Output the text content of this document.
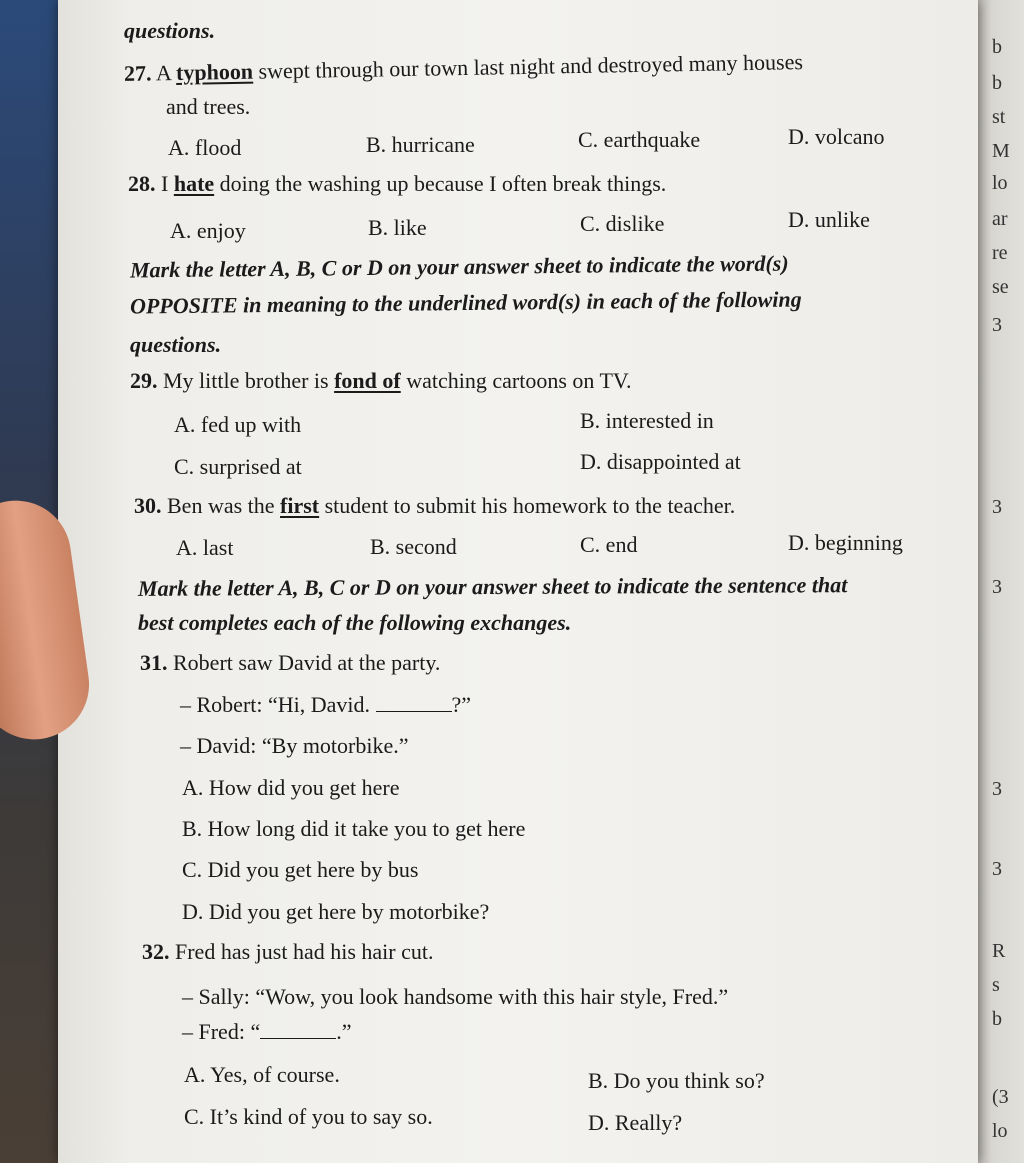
b
b
st
M
lo
ar
re
se
3
3
3
3
3
R
s
b
(3
lo
questions.
27. A typhoon swept through our town last night and destroyed many houses
and trees.
A. flood	B. hurricane	C. earthquake	D. volcano
28. I hate doing the washing up because I often break things.
A. enjoy	B. like	C. dislike	D. unlike
Mark the letter A, B, C or D on your answer sheet to indicate the word(s)
OPPOSITE in meaning to the underlined word(s) in each of the following
questions.
29. My little brother is fond of watching cartoons on TV.
A. fed up with	B. interested in
C. surprised at	D. disappointed at
30. Ben was the first student to submit his homework to the teacher.
A. last	B. second	C. end	D. beginning
Mark the letter A, B, C or D on your answer sheet to indicate the sentence that
best completes each of the following exchanges.
31. Robert saw David at the party.
– Robert: “Hi, David.	?”
– David: “By motorbike.”
A. How did you get here
B. How long did it take you to get here
C. Did you get here by bus
D. Did you get here by motorbike?
32. Fred has just had his hair cut.
– Sally: “Wow, you look handsome with this hair style, Fred.”
– Fred: “	.”
A. Yes, of course.	B. Do you think so?
C. It’s kind of you to say so.	D. Really?
